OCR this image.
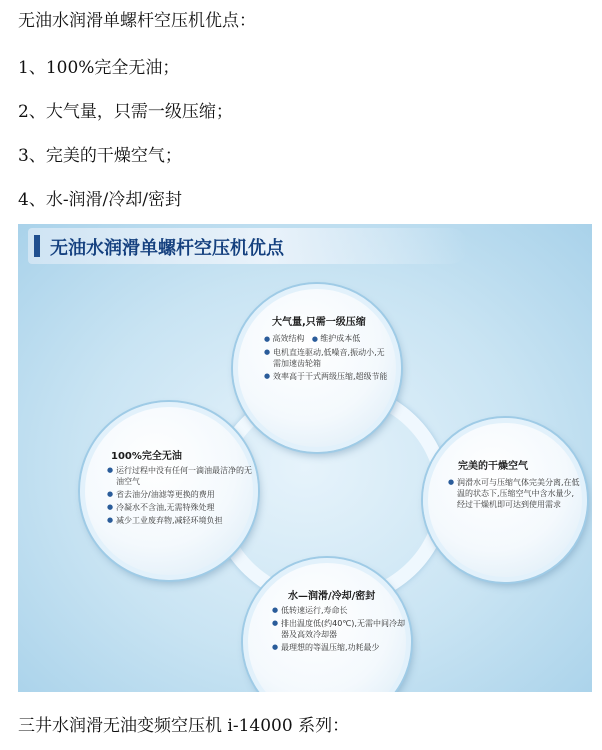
无油水润滑单螺杆空压机优点：
1、100%完全无油；
2、大气量，只需一级压缩；
3、完美的干燥空气；
4、水-润滑/冷却/密封
无油水润滑单螺杆空压机优点
大气量,只需一级压缩
● 高效结构 ● 维护成本低
● 电机直连驱动,低噪音,振动小,无需加速齿轮箱
● 效率高于干式两级压缩,超级节能
100%完全无油
● 运行过程中没有任何一滴油最洁净的无油空气
● 省去油分/油滤等更换的费用
● 冷凝水不含油,无需特殊处理
● 减少工业废弃物,减轻环境负担
完美的干燥空气
● 润滑水可与压缩气体完美分离,在低温的状态下,压缩空气中含水量少,经过干燥机即可达到使用需求
水—润滑/冷却/密封
● 低转速运行,寿命长
● 排出温度低(约40℃),无需中间冷却器及高效冷却器
● 最理想的等温压缩,功耗最少
三井水润滑无油变频空压机 i-14000 系列：
